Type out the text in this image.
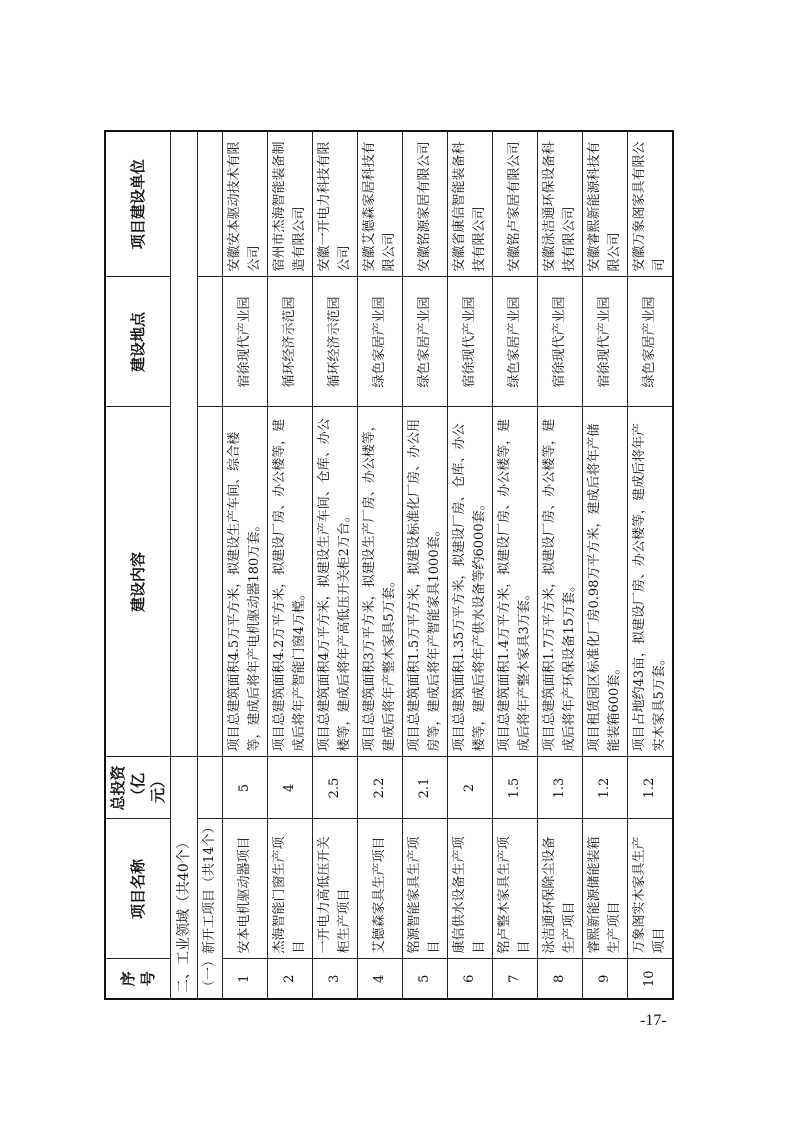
序号	项目名称	总投资（亿元）	建设内容	建设地点	项目建设单位
二、工业领域（共40个）					
（一）新开工项目（共14个）					
1	安本电机驱动器项目	5	项目总建筑面积4.5万平方米，拟建设生产车间、综合楼等，建成后将年产电机驱动器180万套。	宿徐现代产业园	安徽安本驱动技术有限公司
2	杰海智能门窗生产项目	4	项目总建筑面积4.2万平方米，拟建设厂房、办公楼等，建成后将年产智能门窗4万樘。	循环经济示范园	宿州市杰海智能装备制造有限公司
3	一开电力高低压开关柜生产项目	2.5	项目总建筑面积4万平方米，拟建设生产车间、仓库、办公楼等，建成后将年产高低压开关柜2万台。	循环经济示范园	安徽一开电力科技有限公司
4	艾德森家具生产项目	2.2	项目总建筑面积3万平方米，拟建设生产厂房、办公楼等，建成后将年产整木家具5万套。	绿色家居产业园	安徽艾德森家居科技有限公司
5	铭源智能家具生产项目	2.1	项目总建筑面积1.5万平方米，拟建设标准化厂房、办公用房等，建成后将年产智能家具1000套。	绿色家居产业园	安徽铭源家居有限公司
6	康信供水设备生产项目	2	项目总建筑面积1.35万平方米，拟建设厂房、仓库、办公楼等，建成后将年产供水设备等约6000套。	宿徐现代产业园	安徽省康信智能装备科技有限公司
7	铭卢整木家具生产项目	1.5	项目总建筑面积1.4万平方米，拟建设厂房、办公楼等，建成后将年产整木家具3万套。	绿色家居产业园	安徽铭卢家居有限公司
8	泳洁通环保除尘设备生产项目	1.3	项目总建筑面积1.7万平方米，拟建设厂房、办公楼等，建成后将年产环保设备15万套。	宿徐现代产业园	安徽泳洁通环保设备科技有限公司
9	睿熙新能源储能装箱生产项目	1.2	项目租赁园区标准化厂房0.98万平方米，建成后将年产储能装箱600套。	宿徐现代产业园	安徽睿熙新能源科技有限公司
10	万象阁实木家具生产项目	1.2	项目占地约43亩，拟建设厂房、办公楼等，建成后将年产实木家具5万套。	绿色家居产业园	安徽万象阁家具有限公司
-17-
